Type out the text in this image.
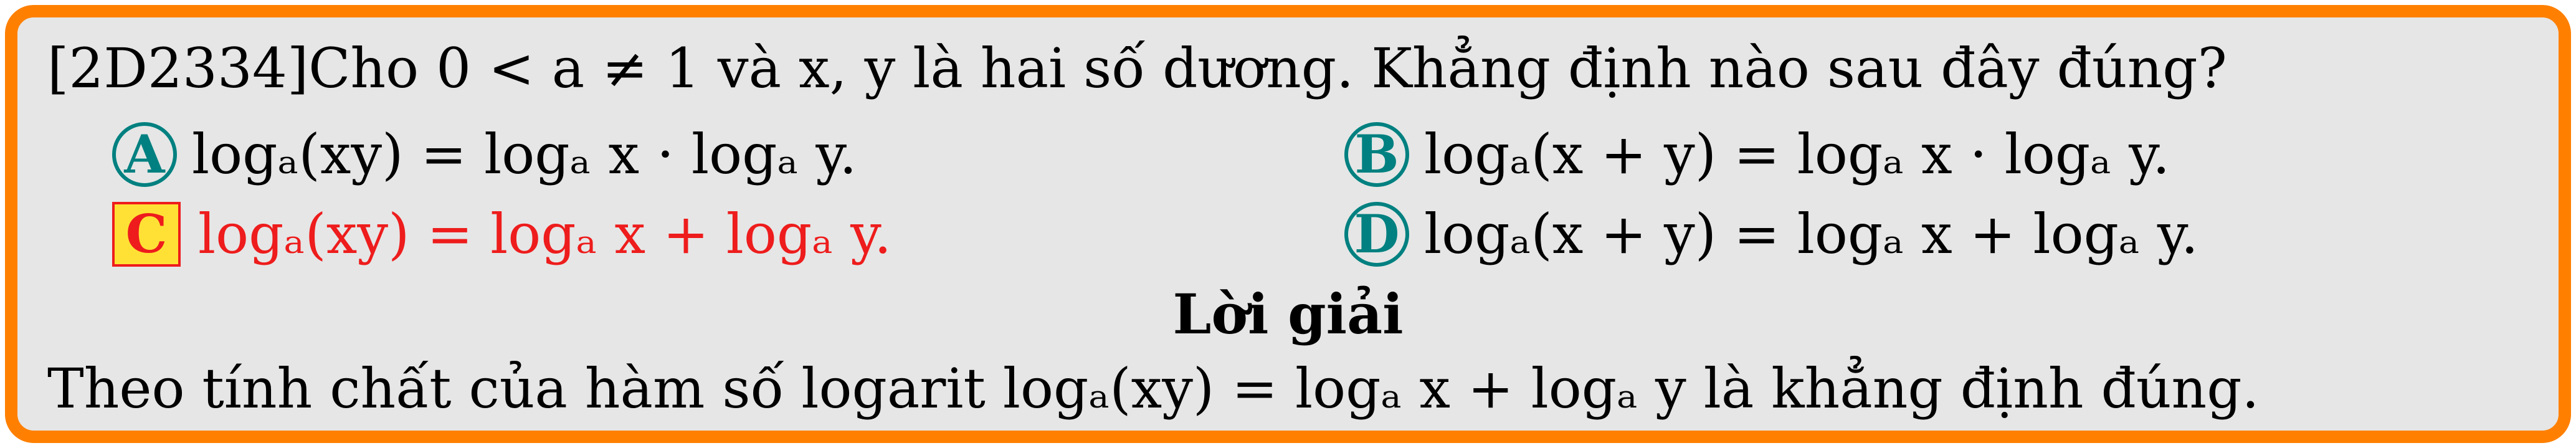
[2D2334]Cho 0 < a ≠ 1 và x, y là hai số dương. Khẳng định nào sau đây đúng?
A logₐ(xy) = logₐ x · logₐ y.	B logₐ(x + y) = logₐ x · logₐ y.
C logₐ(xy) = logₐ x + logₐ y.	D logₐ(x + y) = logₐ x + logₐ y.
Lời giải
Theo tính chất của hàm số logarit logₐ(xy) = logₐ x + logₐ y là khẳng định đúng.
